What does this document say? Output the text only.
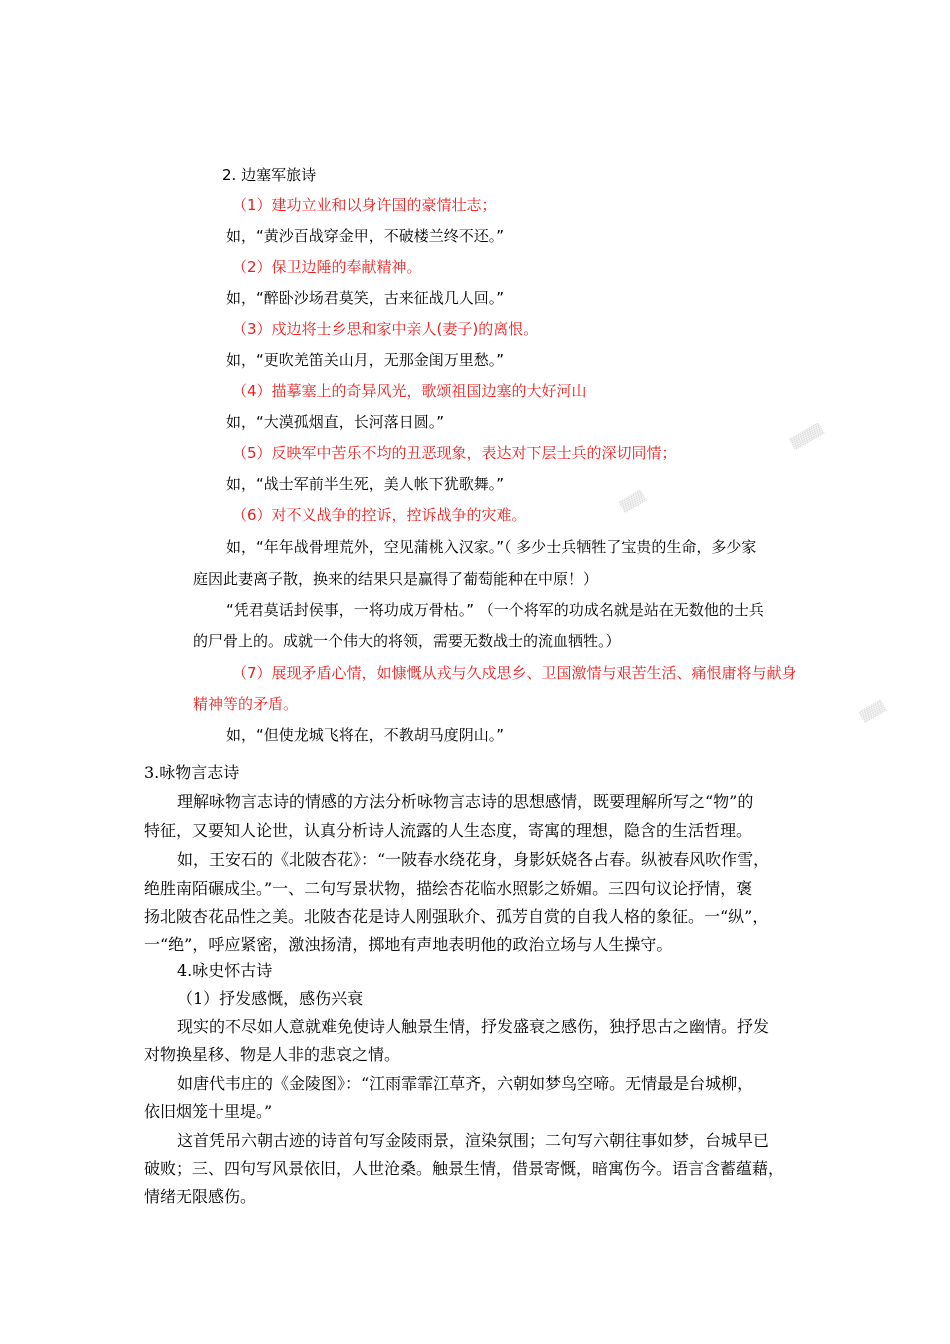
▒▒▒▒
▒▒▒
▒▒▒
2. 边塞军旅诗
（1）建功立业和以身许国的豪情壮志；
如，“黄沙百战穿金甲，不破楼兰终不还。”
（2）保卫边陲的奉献精神。
如，“醉卧沙场君莫笑，古来征战几人回。”
（3）戍边将士乡思和家中亲人(妻子)的离恨。
如，“更吹羌笛关山月，无那金闺万里愁。”
（4）描摹塞上的奇异风光，歌颂祖国边塞的大好河山
如，“大漠孤烟直，长河落日圆。”
（5）反映军中苦乐不均的丑恶现象，表达对下层士兵的深切同情；
如，“战士军前半生死，美人帐下犹歌舞。”
（6）对不义战争的控诉，控诉战争的灾难。
如，“年年战骨埋荒外，空见蒲桃入汉家。”（ 多少士兵牺牲了宝贵的生命，多少家
庭因此妻离子散，换来的结果只是赢得了葡萄能种在中原！）
“凭君莫话封侯事，一将功成万骨枯。” （一个将军的功成名就是站在无数他的士兵
的尸骨上的。成就一个伟大的将领，需要无数战士的流血牺牲。）
（7）展现矛盾心情，如慷慨从戎与久戍思乡、卫国激情与艰苦生活、痛恨庸将与献身
精神等的矛盾。
如，“但使龙城飞将在，不教胡马度阴山。”
3.咏物言志诗
理解咏物言志诗的情感的方法分析咏物言志诗的思想感情，既要理解所写之“物”的
特征，又要知人论世，认真分析诗人流露的人生态度，寄寓的理想，隐含的生活哲理。
如，王安石的《北陂杏花》：“一陂春水绕花身，身影妖娆各占春。纵被春风吹作雪，
绝胜南陌碾成尘。”一、二句写景状物，描绘杏花临水照影之娇媚。三四句议论抒情，褒
扬北陂杏花品性之美。北陂杏花是诗人刚强耿介、孤芳自赏的自我人格的象征。一“纵”，
一“绝”，呼应紧密，激浊扬清，掷地有声地表明他的政治立场与人生操守。
4.咏史怀古诗
（1）抒发感慨，感伤兴衰
现实的不尽如人意就难免使诗人触景生情，抒发盛衰之感伤，独抒思古之幽情。抒发
对物换星移、物是人非的悲哀之情。
如唐代韦庄的《金陵图》：“江雨霏霏江草齐，六朝如梦鸟空啼。无情最是台城柳，
依旧烟笼十里堤。”
这首凭吊六朝古迹的诗首句写金陵雨景，渲染氛围；二句写六朝往事如梦，台城早已
破败；三、四句写风景依旧，人世沧桑。触景生情，借景寄慨，暗寓伤今。语言含蓄蕴藉，
情绪无限感伤。
